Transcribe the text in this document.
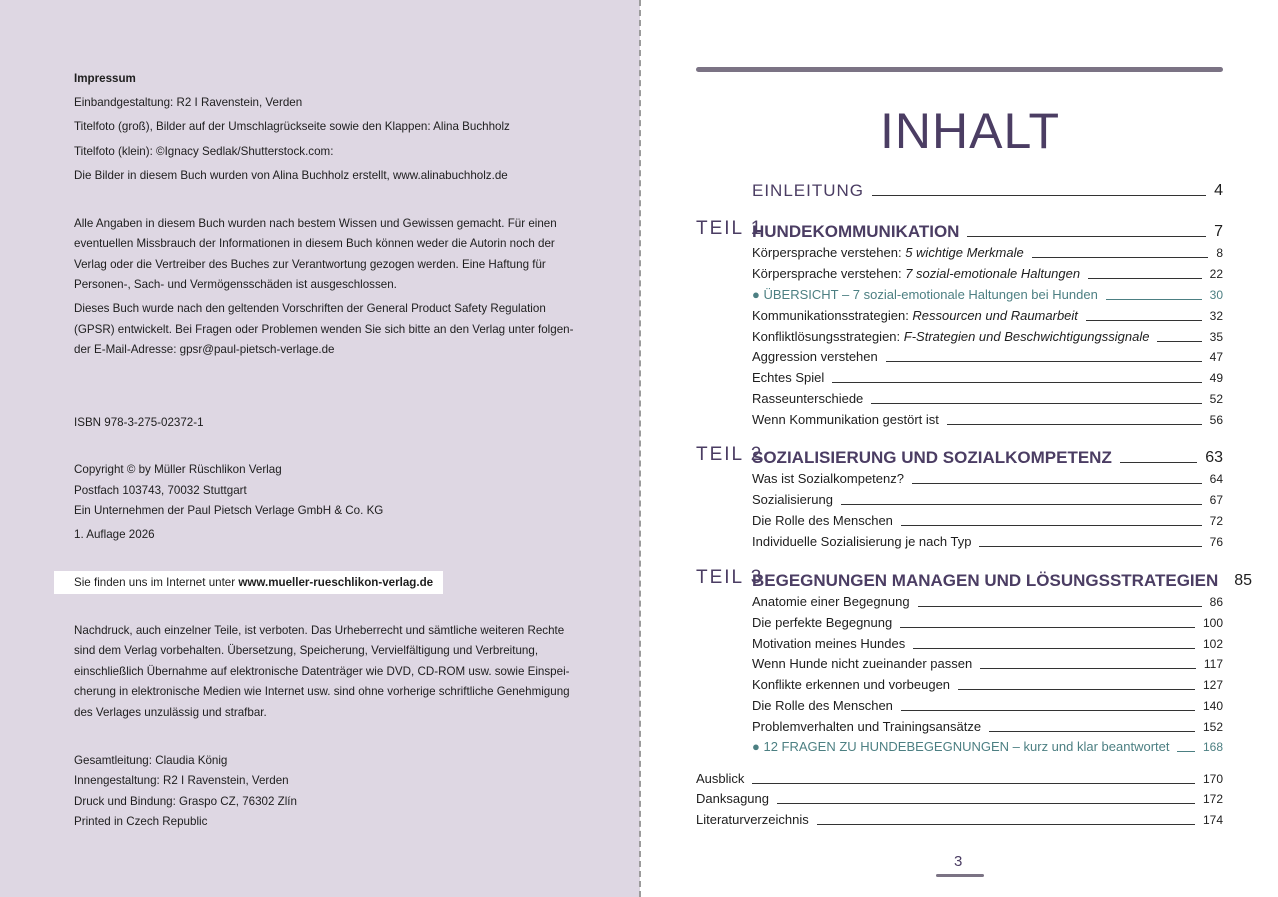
Impressum
Einbandgestaltung: R2 I Ravenstein, Verden
Titelfoto (groß), Bilder auf der Umschlagrückseite sowie den Klappen: Alina Buchholz
Titelfoto (klein): ©Ignacy Sedlak/Shutterstock.com:
Die Bilder in diesem Buch wurden von Alina Buchholz erstellt, www.alinabuchholz.de
Alle Angaben in diesem Buch wurden nach bestem Wissen und Gewissen gemacht. Für einen
eventuellen Missbrauch der Informationen in diesem Buch können weder die Autorin noch der
Verlag oder die Vertreiber des Buches zur Verantwortung gezogen werden. Eine Haftung für
Personen-, Sach- und Vermögensschäden ist ausgeschlossen.
Dieses Buch wurde nach den geltenden Vorschriften der General Product Safety Regulation
(GPSR) entwickelt. Bei Fragen oder Problemen wenden Sie sich bitte an den Verlag unter folgen-
der E-Mail-Adresse: gpsr@paul-pietsch-verlage.de
ISBN 978-3-275-02372-1
Copyright © by Müller Rüschlikon Verlag
Postfach 103743, 70032 Stuttgart
Ein Unternehmen der Paul Pietsch Verlage GmbH & Co. KG
1. Auflage 2026
Sie finden uns im Internet unter www.mueller-rueschlikon-verlag.de
Nachdruck, auch einzelner Teile, ist verboten. Das Urheberrecht und sämtliche weiteren Rechte
sind dem Verlag vorbehalten. Übersetzung, Speicherung, Vervielfältigung und Verbreitung,
einschließlich Übernahme auf elektronische Datenträger wie DVD, CD-ROM usw. sowie Einspei-
cherung in elektronische Medien wie Internet usw. sind ohne vorherige schriftliche Genehmigung
des Verlages unzulässig und strafbar.
Gesamtleitung: Claudia König
Innengestaltung: R2 I Ravenstein, Verden
Druck und Bindung: Graspo CZ, 76302 Zlín
Printed in Czech Republic
INHALT
EINLEITUNG	4
TEIL 1
HUNDEKOMMUNIKATION	7
Körpersprache verstehen: 5 wichtige Merkmale	8
Körpersprache verstehen: 7 sozial-emotionale Haltungen	22
● ÜBERSICHT – 7 sozial-emotionale Haltungen bei Hunden	30
Kommunikationsstrategien: Ressourcen und Raumarbeit	32
Konfliktlösungsstrategien: F-Strategien und Beschwichtigungssignale	35
Aggression verstehen	47
Echtes Spiel	49
Rasseunterschiede	52
Wenn Kommunikation gestört ist	56
TEIL 2
SOZIALISIERUNG UND SOZIALKOMPETENZ	63
Was ist Sozialkompetenz?	64
Sozialisierung	67
Die Rolle des Menschen	72
Individuelle Sozialisierung je nach Typ	76
TEIL 3
BEGEGNUNGEN MANAGEN UND LÖSUNGSSTRATEGIEN 85
Anatomie einer Begegnung	86
Die perfekte Begegnung	100
Motivation meines Hundes	102
Wenn Hunde nicht zueinander passen	117
Konflikte erkennen und vorbeugen	127
Die Rolle des Menschen	140
Problemverhalten und Trainingsansätze	152
● 12 FRAGEN ZU HUNDEBEGEGNUNGEN – kurz und klar beantwortet	168
Ausblick	170
Danksagung	172
Literaturverzeichnis	174
3
